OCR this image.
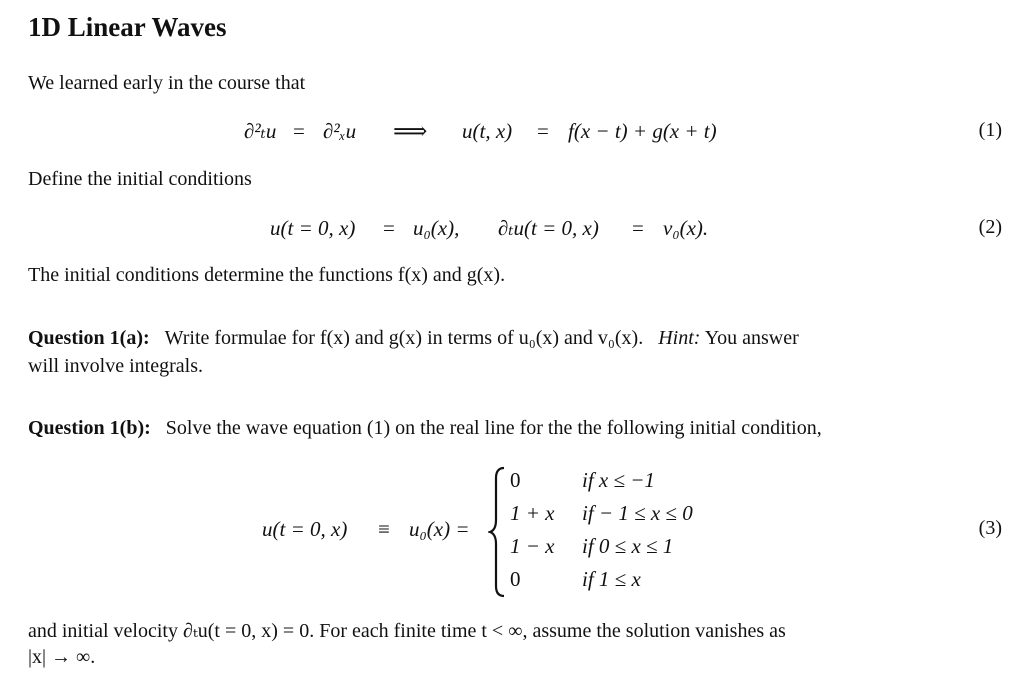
1D Linear Waves
We learned early in the course that
∂²ₜu = ∂²ₓu ⟹ u(t, x) = f(x − t) + g(x + t)	(1)
Define the initial conditions
u(t = 0, x) = u₀(x), ∂ₜu(t = 0, x) = v₀(x).	(2)
The initial conditions determine the functions f(x) and g(x).
Question 1(a): Write formulae for f(x) and g(x) in terms of u₀(x) and v₀(x). Hint: You answer
will involve integrals.
Question 1(b): Solve the wave equation (1) on the real line for the the following initial condition,
u(t = 0, x) ≡ u₀(x) =
0	if x ≤ −1
1 + x if − 1 ≤ x ≤ 0
1 − x if 0 ≤ x ≤ 1
0	if 1 ≤ x
(3)
and initial velocity ∂ₜu(t = 0, x) = 0. For each finite time t < ∞, assume the solution vanishes as
|x| → ∞.
